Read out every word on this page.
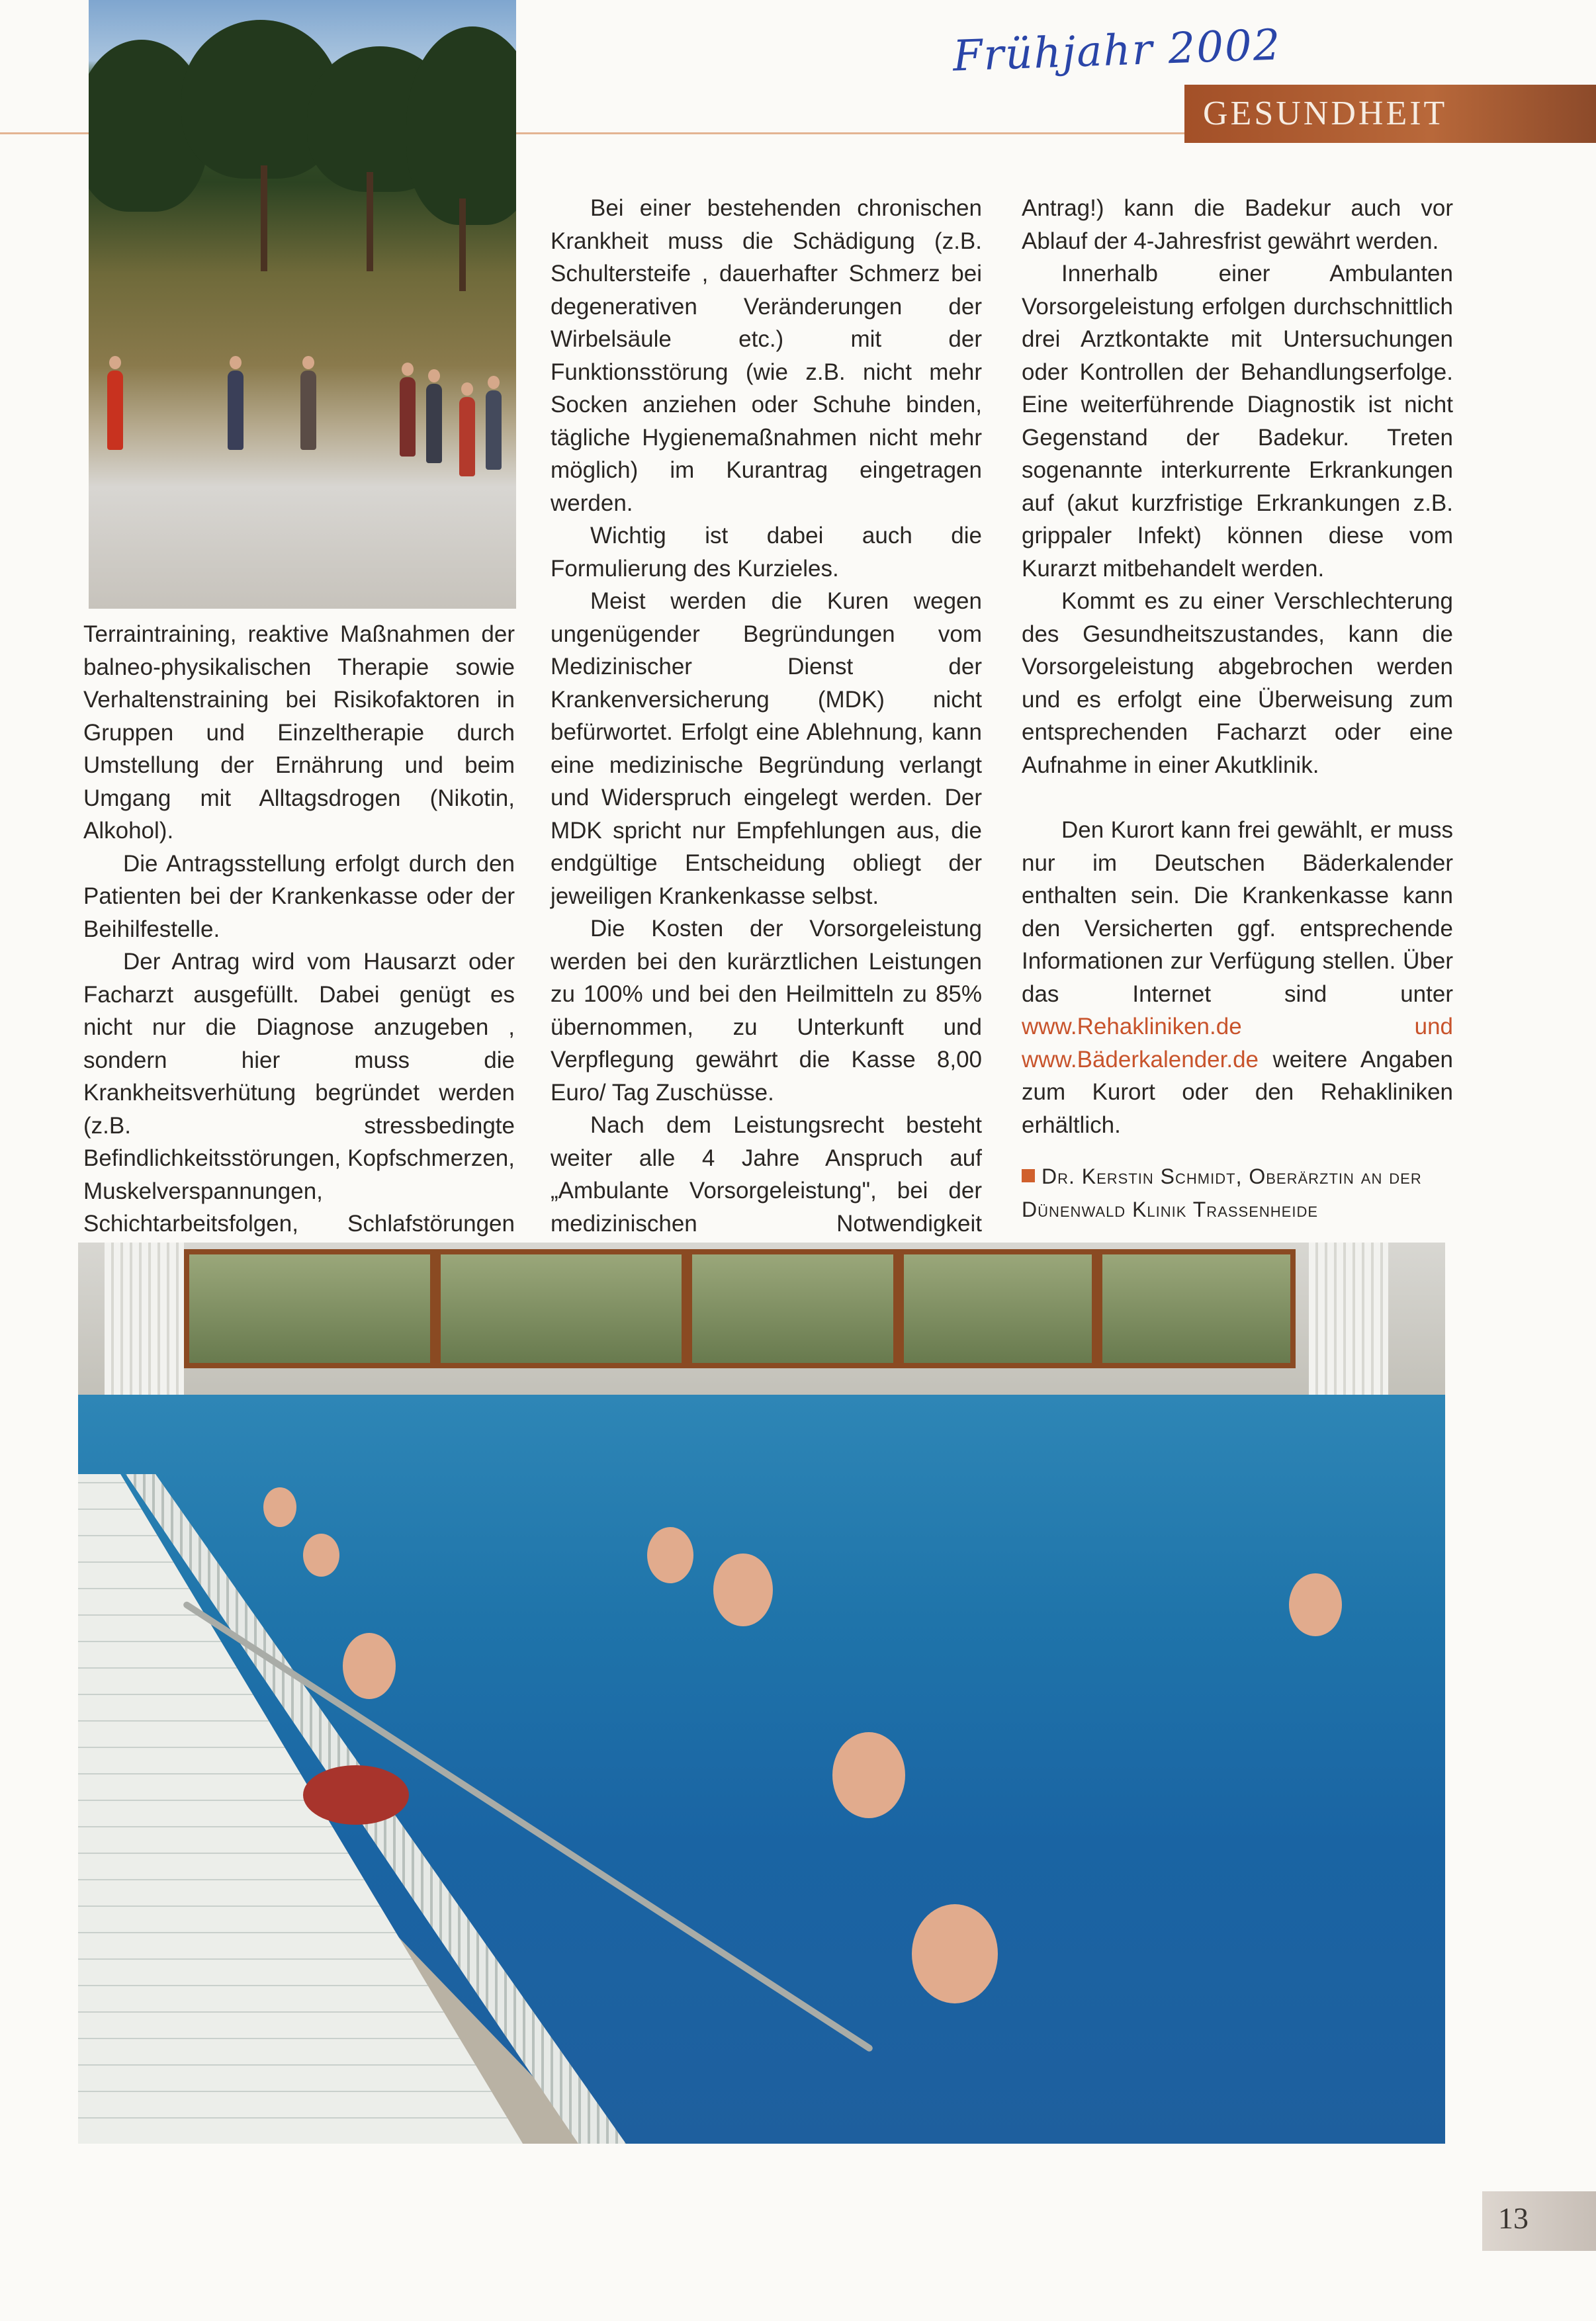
Frühjahr 2002
GESUNDHEIT

Terraintraining, reaktive Maßnahmen der balneo-physikalischen Therapie sowie Verhaltenstraining bei Risikofaktoren in Gruppen und Einzeltherapie durch Umstellung der Ernährung und beim Umgang mit Alltagsdrogen (Nikotin, Alkohol).

Die Antragsstellung erfolgt durch den Patienten bei der Krankenkasse oder der Beihilfestelle.

Der Antrag wird vom Hausarzt oder Facharzt ausgefüllt. Dabei genügt es nicht nur die Diagnose anzugeben , sondern hier muss die Krankheitsverhütung begründet werden (z.B. stressbedingte Befindlichkeitsstörungen, Kopfschmerzen, Muskelverspannungen, Schichtarbeitsfolgen, Schlafstörungen

Bei einer bestehenden chronischen Krankheit muss die Schädigung (z.B. Schultersteife , dauerhafter Schmerz bei degenerativen Veränderungen der Wirbelsäule etc.) mit der Funktionsstörung (wie z.B. nicht mehr Socken anziehen oder Schuhe binden, tägliche Hygienemaßnahmen nicht mehr möglich) im Kurantrag eingetragen werden.

Wichtig ist dabei auch die Formulierung des Kurzieles.

Meist werden die Kuren wegen ungenügender Begründungen vom Medizinischer Dienst der Krankenversicherung (MDK) nicht befürwortet. Erfolgt eine Ablehnung, kann eine medizinische Begründung verlangt und Widerspruch eingelegt werden. Der MDK spricht nur Empfehlungen aus, die endgültige Entscheidung obliegt der jeweiligen Krankenkasse selbst.

Die Kosten der Vorsorgeleistung werden bei den kurärztlichen Leistungen zu 100% und bei den Heilmitteln zu 85% übernommen, zu Unterkunft und Verpflegung gewährt die Kasse 8,00 Euro/ Tag Zuschüsse.

Nach dem Leistungsrecht besteht weiter alle 4 Jahre Anspruch auf „Ambulante Vorsorgeleistung", bei der medizinischen Notwendigkeit

Antrag!) kann die Badekur auch vor Ablauf der 4-Jahresfrist gewährt werden.

Innerhalb einer Ambulanten Vorsorgeleistung erfolgen durchschnittlich drei Arztkontakte mit Untersuchungen oder Kontrollen der Behandlungserfolge. Eine weiterführende Diagnostik ist nicht Gegenstand der Badekur. Treten sogenannte interkurrente Erkrankungen auf (akut kurzfristige Erkrankungen z.B. grippaler Infekt) können diese vom Kurarzt mitbehandelt werden.

Kommt es zu einer Verschlechterung des Gesundheitszustandes, kann die Vorsorgeleistung abgebrochen werden und es erfolgt eine Überweisung zum entsprechenden Facharzt oder eine Aufnahme in einer Akutklinik.

Den Kurort kann frei gewählt, er muss nur im Deutschen Bäderkalender enthalten sein. Die Krankenkasse kann den Versicherten ggf. entsprechende Informationen zur Verfügung stellen. Über das Internet sind unter www.Rehakliniken.de und www.Bäderkalender.de weitere Angaben zum Kurort oder den Rehakliniken erhältlich.

Dr. Kerstin Schmidt, Oberärztin an der Dünenwald Klinik Trassenheide
13
